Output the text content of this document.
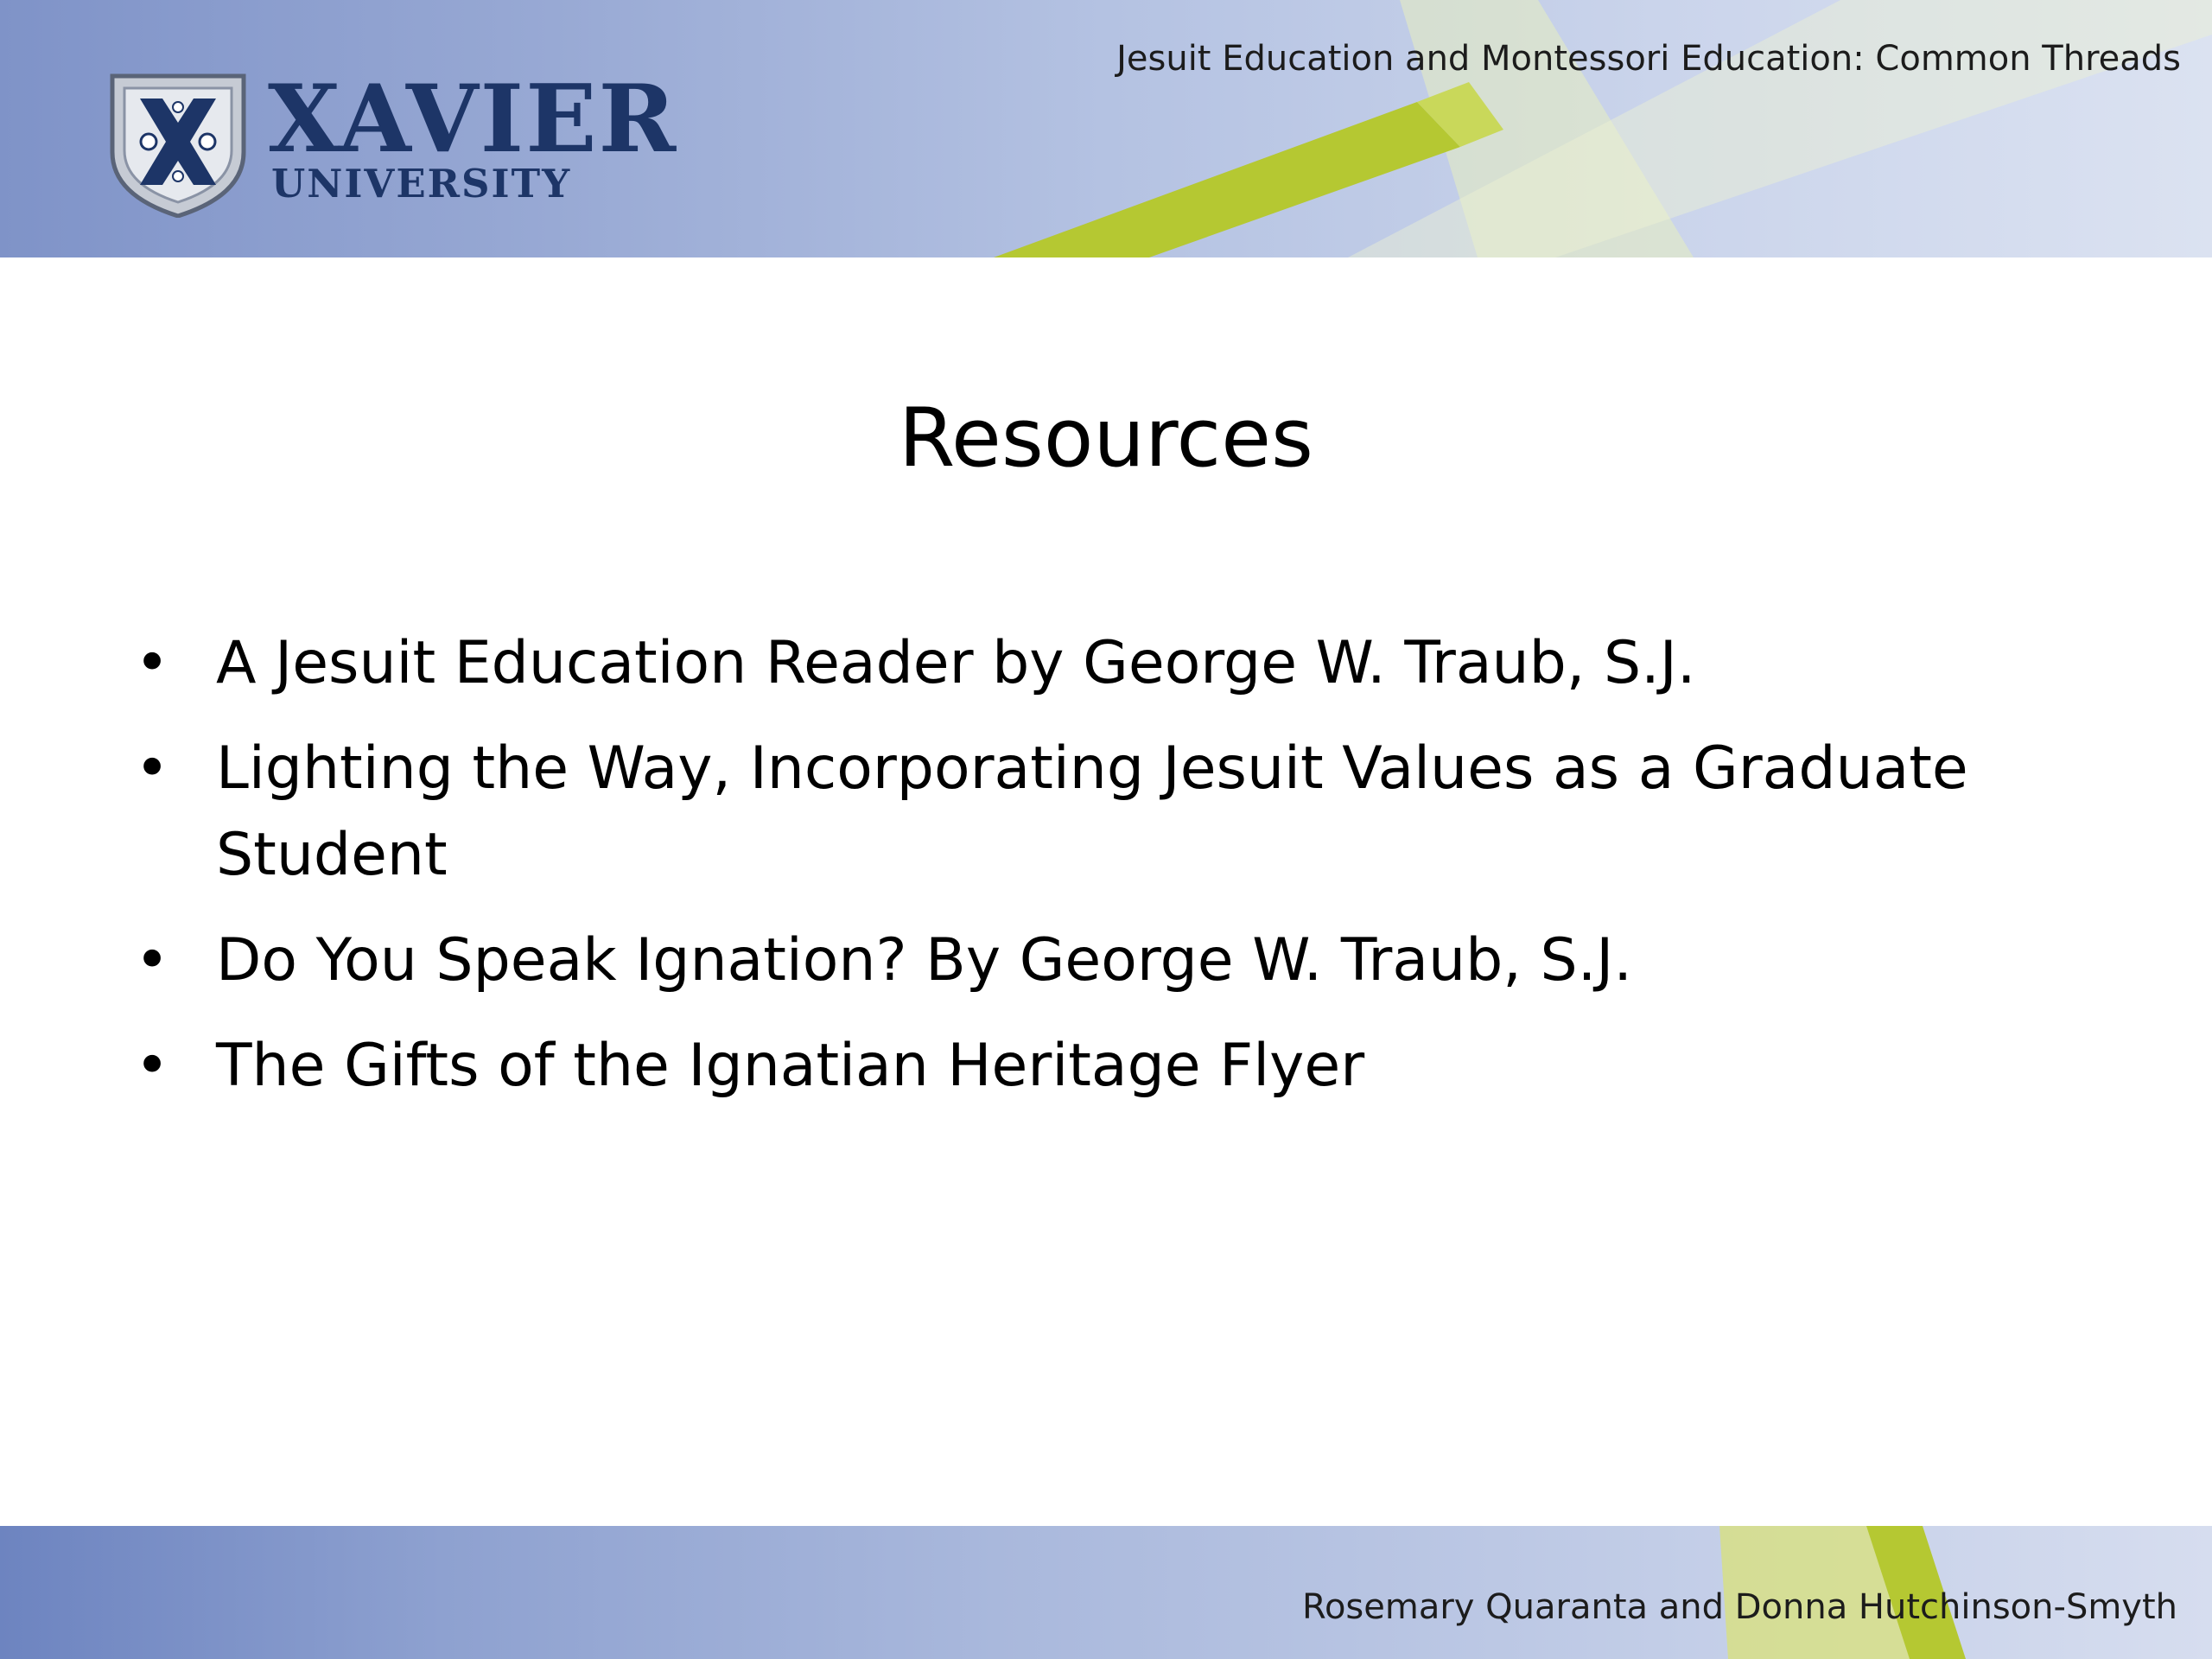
XAVIER
UNIVERSITY
Jesuit Education and Montessori Education: Common Threads
Resources
• A Jesuit Education Reader by George W. Traub, S.J.
• Lighting the Way, Incorporating Jesuit Values as a Graduate Student
• Do You Speak Ignation? By George W. Traub, S.J.
• The Gifts of the Ignatian Heritage Flyer
Rosemary Quaranta and Donna Hutchinson-Smyth
